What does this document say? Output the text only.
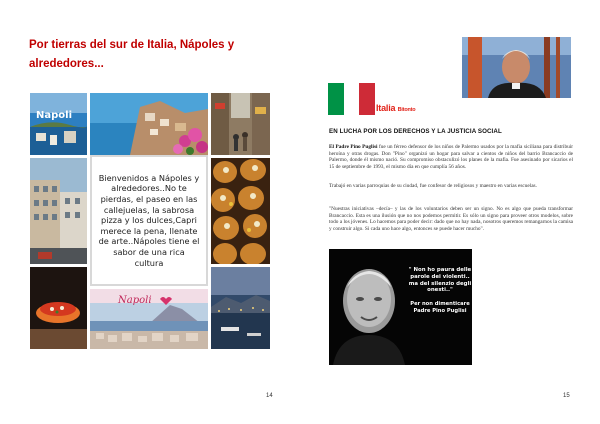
Por tierras del sur de Italia, Nápoles y
alrededores...
Napoli
Napoli

Bienvenidos a Nápoles y alrededores..No te pierdas, el paseo en las callejuelas, la sabrosa pizza y los dulces,Capri merece la pena, llenate de arte..Nápoles tiene el sabor de una rica cultura

14
Italia Bitonto
EN LUCHA POR LOS DERECHOS Y LA JUSTICIA SOCIAL

El Padre Pino Puglisi fue un férreo defensor de los niños de Palermo usados por la mafia siciliana para distribuir heroína y otras drogas. Don "Pino" organizó un hogar para salvar a cientos de niños del barrio Brancaccio de Palermo, donde él mismo nació. Su compromiso obstaculizó los planes de la mafia. Fue asesinado por sicarios el 15 de septiembre de 1993, el mismo día en que cumplía 56 años.

Trabajó en varias parroquias de su ciudad, fue confesor de religiosos y maestro en varias escuelas.

"Nuestras iniciativas –decía– y las de los voluntarios deben ser un signo. No es algo que pueda transformar Brancaccio. Esta es una ilusión que no nos podemos permitir. Es sólo un signo para proveer otros modelos, sobre todo a los jóvenes. Lo hacemos para poder decir: dado que no hay nada, nosotros queremos remangarnos la camisa y construir algo. Si cada uno hace algo, entonces se puede hacer mucho".

" Non ho paura delle parole dei violenti.. ma del silenzio degli onesti.."
Per non dimenticare
Padre Pino Puglisi
15
